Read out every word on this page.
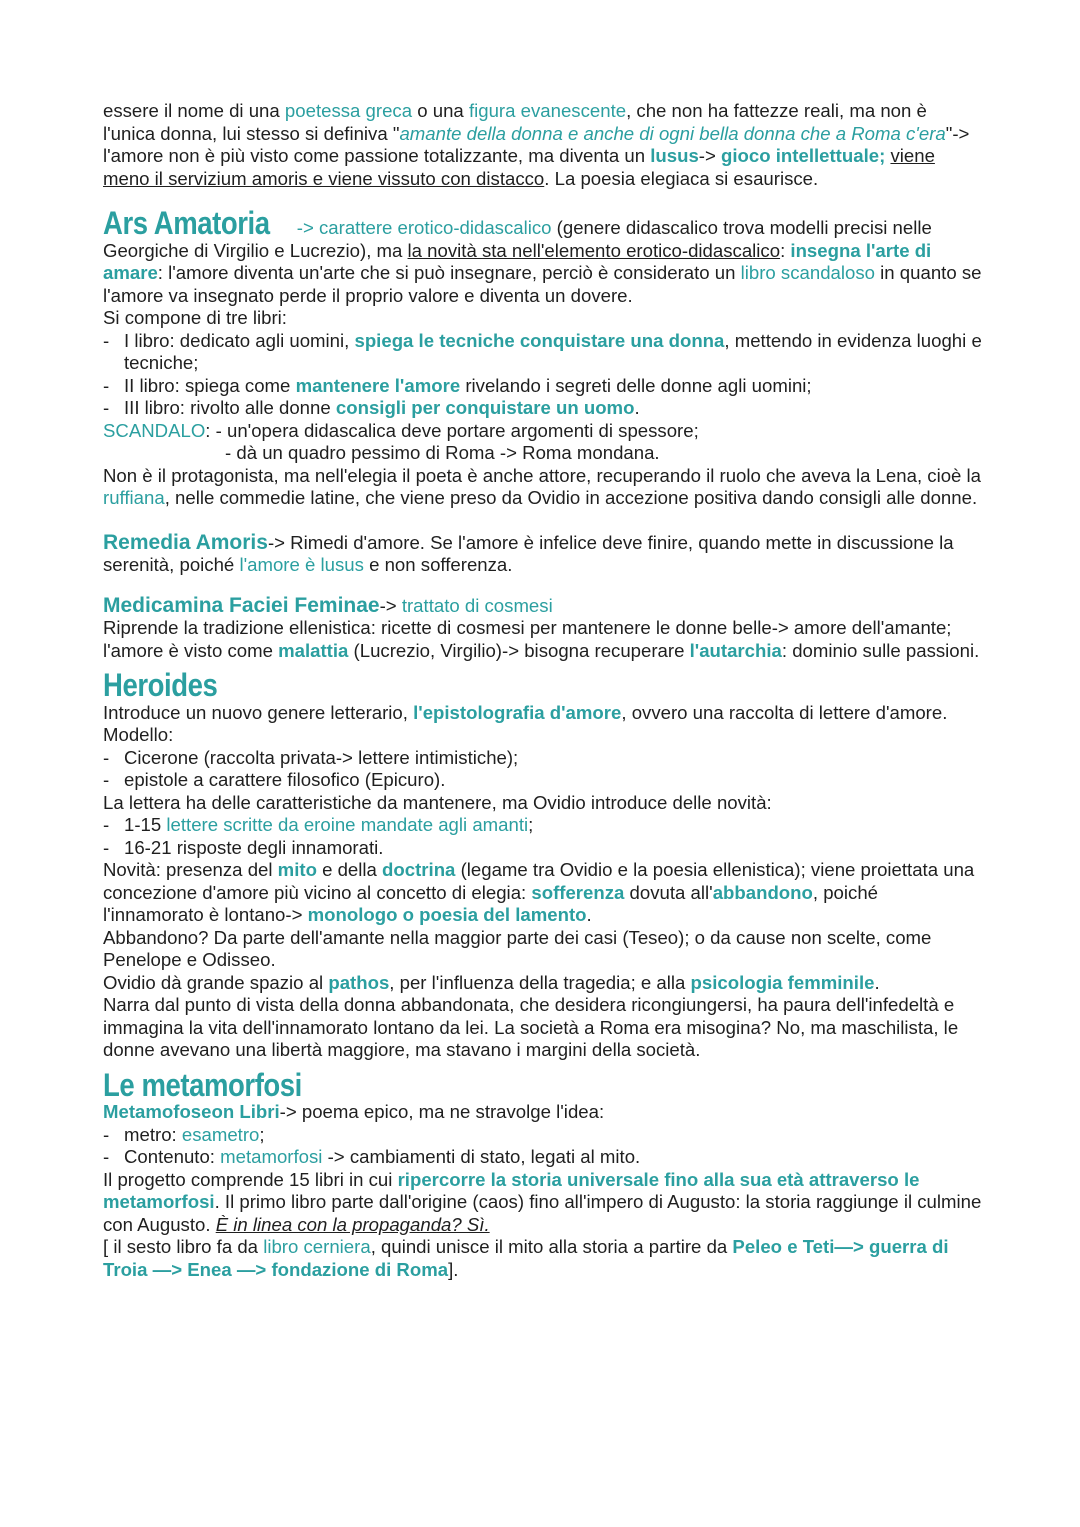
essere il nome di una poetessa greca o una figura evanescente, che non ha fattezze reali, ma non è l'unica donna, lui stesso si definiva "amante della donna e anche di ogni bella donna che a Roma c'era"-> l'amore non è più visto come passione totalizzante, ma diventa un lusus-> gioco intellettuale; viene meno il servizium amoris e viene vissuto con distacco. La poesia elegiaca si esaurisce.

Ars Amatoria -> carattere erotico-didascalico (genere didascalico trova modelli precisi nelle Georgiche di Virgilio e Lucrezio), ma la novità sta nell'elemento erotico-didascalico: insegna l'arte di amare: l'amore diventa un'arte che si può insegnare, perciò è considerato un libro scandaloso in quanto se l'amore va insegnato perde il proprio valore e diventa un dovere.

Si compone di tre libri:

- I libro: dedicato agli uomini, spiega le tecniche conquistare una donna, mettendo in evidenza luoghi e tecniche;
- II libro: spiega come mantenere l'amore rivelando i segreti delle donne agli uomini;
- III libro: rivolto alle donne consigli per conquistare un uomo.

SCANDALO: - un'opera didascalica deve portare argomenti di spessore;

- dà un quadro pessimo di Roma -> Roma mondana.

Non è il protagonista, ma nell'elegia il poeta è anche attore, recuperando il ruolo che aveva la Lena, cioè la ruffiana, nelle commedie latine, che viene preso da Ovidio in accezione positiva dando consigli alle donne.

Remedia Amoris-> Rimedi d'amore. Se l'amore è infelice deve finire, quando mette in discussione la serenità, poiché l'amore è lusus e non sofferenza.

Medicamina Faciei Feminae-> trattato di cosmesi

Riprende la tradizione ellenistica: ricette di cosmesi per mantenere le donne belle-> amore dell'amante; l'amore è visto come malattia (Lucrezio, Virgilio)-> bisogna recuperare l'autarchia: dominio sulle passioni.

Heroides

Introduce un nuovo genere letterario, l'epistolografia d'amore, ovvero una raccolta di lettere d'amore. Modello:

- Cicerone (raccolta privata-> lettere intimistiche);
- epistole a carattere filosofico (Epicuro).

La lettera ha delle caratteristiche da mantenere, ma Ovidio introduce delle novità:

- 1-15 lettere scritte da eroine mandate agli amanti;
- 16-21 risposte degli innamorati.

Novità: presenza del mito e della doctrina (legame tra Ovidio e la poesia ellenistica); viene proiettata una concezione d'amore più vicino al concetto di elegia: sofferenza dovuta all'abbandono, poiché l'innamorato è lontano-> monologo o poesia del lamento.

Abbandono? Da parte dell'amante nella maggior parte dei casi (Teseo); o da cause non scelte, come Penelope e Odisseo.

Ovidio dà grande spazio al pathos, per l'influenza della tragedia; e alla psicologia femminile.

Narra dal punto di vista della donna abbandonata, che desidera ricongiungersi, ha paura dell'infedeltà e immagina la vita dell'innamorato lontano da lei. La società a Roma era misogina? No, ma maschilista, le donne avevano una libertà maggiore, ma stavano i margini della società.

Le metamorfosi

Metamofoseon Libri-> poema epico, ma ne stravolge l'idea:

- metro: esametro;
- Contenuto: metamorfosi -> cambiamenti di stato, legati al mito.

Il progetto comprende 15 libri in cui ripercorre la storia universale fino alla sua età attraverso le metamorfosi. Il primo libro parte dall'origine (caos) fino all'impero di Augusto: la storia raggiunge il culmine con Augusto. È in linea con la propaganda? Sì.

[ il sesto libro fa da libro cerniera, quindi unisce il mito alla storia a partire da Peleo e Teti—> guerra di Troia —> Enea —> fondazione di Roma].
